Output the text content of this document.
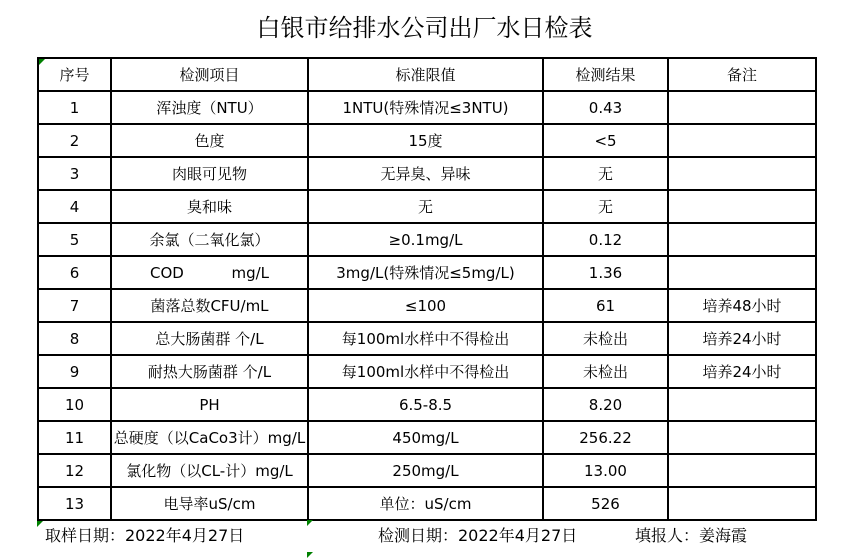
白银市给排水公司出厂水日检表
序号	检测项目	标准限值	检测结果	备注
1	浑浊度（NTU）	1NTU(特殊情况≤3NTU)	0.43	
2	色度	15度	<5	
3	肉眼可见物	无异臭、异味	无	
4	臭和味	无	无	
5	余氯（二氧化氯）	≥0.1mg/L	0.12	
6	COD          mg/L	3mg/L(特殊情况≤5mg/L)	1.36	
7	菌落总数CFU/mL	≤100	61	培养48小时
8	总大肠菌群 个/L	每100ml水样中不得检出	未检出	培养24小时
9	耐热大肠菌群 个/L	每100ml水样中不得检出	未检出	培养24小时
10	PH	6.5-8.5	8.20	
11	总硬度（以CaCo3计）mg/L	450mg/L	256.22	
12	氯化物（以CL-计）mg/L	250mg/L	13.00	
13	电导率uS/cm	单位：uS/cm	526	
取样日期：2022年4月27日	检测日期：2022年4月27日	填报人：姜海霞
